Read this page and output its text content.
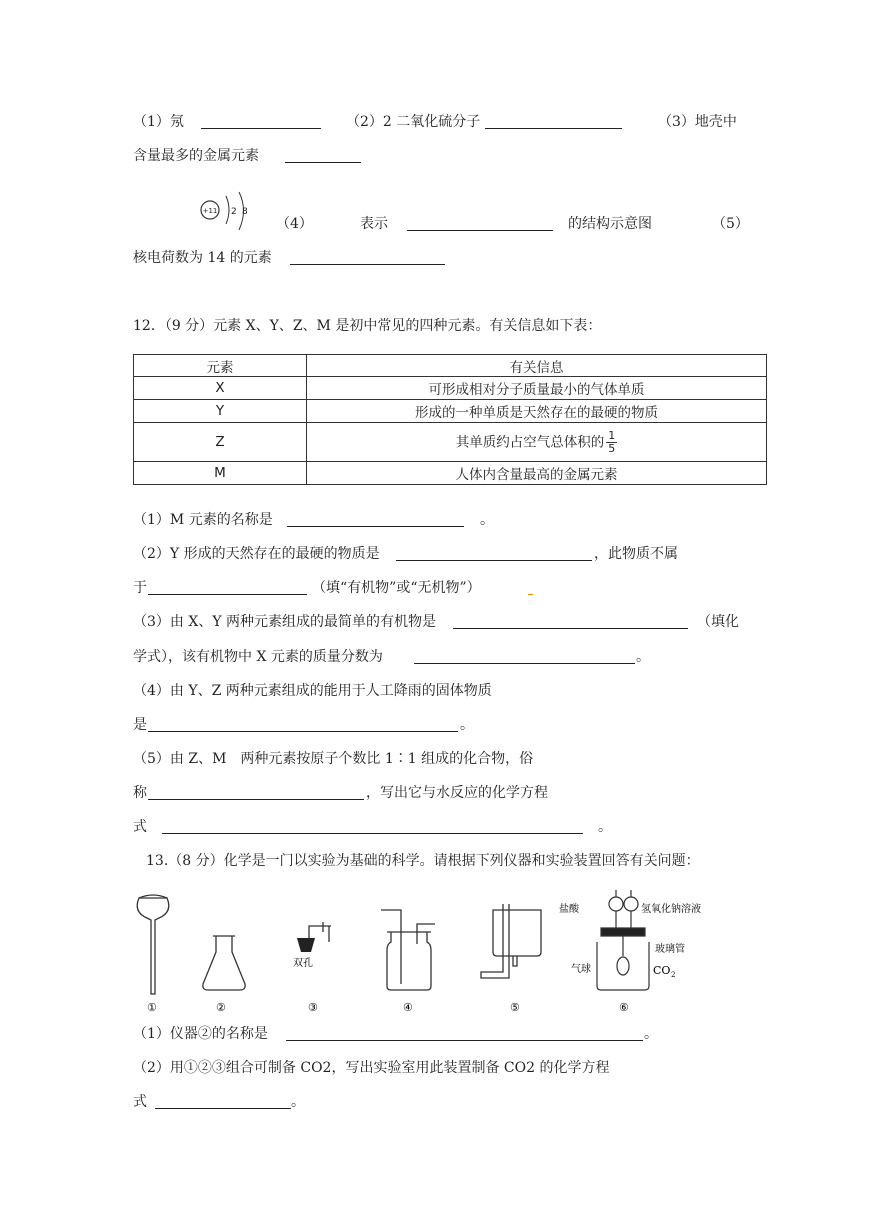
（1）氖	（2）2 二氧化硫分子	（3）地壳中
含量最多的金属元素
+11 2 8
（4）	表示	的结构示意图	（5）
核电荷数为 14 的元素
12．（9 分）元素 X、Y、Z、M 是初中常见的四种元素。有关信息如下表：
元素	有关信息
X	可形成相对分子质量最小的气体单质
Y	形成的一种单质是天然存在的最硬的物质
Z	其单质约占空气总体积的 $\frac{1}{5}$
M	人体内含量最高的金属元素
（1）M 元素的名称是	。
（2）Y 形成的天然存在的最硬的物质是	，此物质不属
于	（填“有机物”或“无机物”）
（3）由 X、Y 两种元素组成的最简单的有机物是	（填化
学式），该有机物中 X 元素的质量分数为	。
（4）由 Y、Z 两种元素组成的能用于人工降雨的固体物质
是	。
（5）由 Z、M　两种元素按原子个数比 1∶1 组成的化合物，俗
称	，写出它与水反应的化学方程
式	。
13.（8 分）化学是一门以实验为基础的科学。请根据下列仪器和实验装置回答有关问题：
①	②
双孔
③	④	⑤
盐酸	氢氧化钠溶液
玻璃管
气球	CO 2
⑥
（1）仪器②的名称是	。
（2）用①②③组合可制备 CO2，写出实验室用此装置制备 CO2 的化学方程
式	。
